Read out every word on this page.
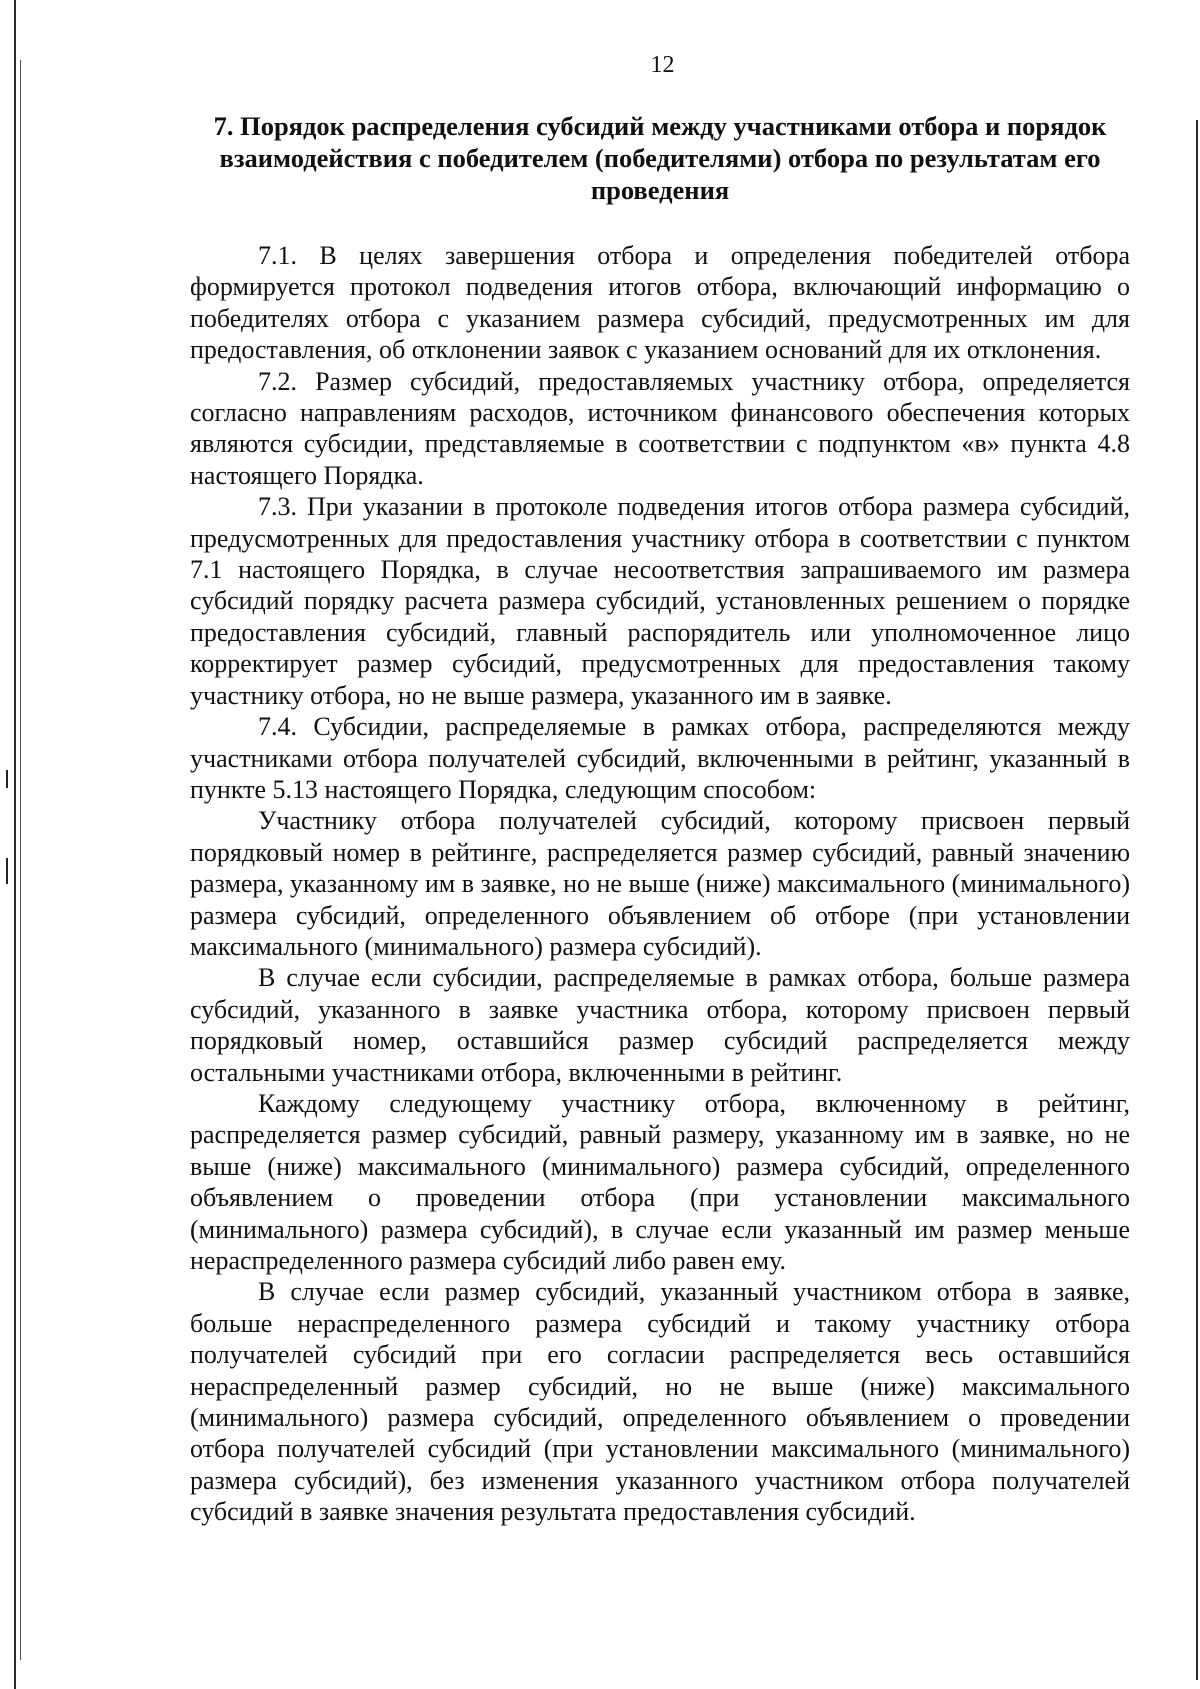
12
7. Порядок распределения субсидий между участниками отбора и порядок взаимодействия с победителем (победителями) отбора по результатам его проведения

7.1. В целях завершения отбора и определения победителей отбора формируется протокол подведения итогов отбора, включающий информацию о победителях отбора с указанием размера субсидий, предусмотренных им для предоставления, об отклонении заявок с указанием оснований для их отклонения.

7.2. Размер субсидий, предоставляемых участнику отбора, определяется согласно направлениям расходов, источником финансового обеспечения которых являются субсидии, представляемые в соответствии с подпунктом «в» пункта 4.8 настоящего Порядка.

7.3. При указании в протоколе подведения итогов отбора размера субсидий, предусмотренных для предоставления участнику отбора в соответствии с пунктом 7.1 настоящего Порядка, в случае несоответствия запрашиваемого им размера субсидий порядку расчета размера субсидий, установленных решением о порядке предоставления субсидий, главный распорядитель или уполномоченное лицо корректирует размер субсидий, предусмотренных для предоставления такому участнику отбора, но не выше размера, указанного им в заявке.

7.4. Субсидии, распределяемые в рамках отбора, распределяются между участниками отбора получателей субсидий, включенными в рейтинг, указанный в пункте 5.13 настоящего Порядка, следующим способом:

Участнику отбора получателей субсидий, которому присвоен первый порядковый номер в рейтинге, распределяется размер субсидий, равный значению размера, указанному им в заявке, но не выше (ниже) максимального (минимального) размера субсидий, определенного объявлением об отборе (при установлении максимального (минимального) размера субсидий).

В случае если субсидии, распределяемые в рамках отбора, больше размера субсидий, указанного в заявке участника отбора, которому присвоен первый порядковый номер, оставшийся размер субсидий распределяется между остальными участниками отбора, включенными в рейтинг.

Каждому следующему участнику отбора, включенному в рейтинг, распределяется размер субсидий, равный размеру, указанному им в заявке, но не выше (ниже) максимального (минимального) размера субсидий, определенного объявлением о проведении отбора (при установлении максимального (минимального) размера субсидий), в случае если указанный им размер меньше нераспределенного размера субсидий либо равен ему.

В случае если размер субсидий, указанный участником отбора в заявке, больше нераспределенного размера субсидий и такому участнику отбора получателей субсидий при его согласии распределяется весь оставшийся нераспределенный размер субсидий, но не выше (ниже) максимального (минимального) размера субсидий, определенного объявлением о проведении отбора получателей субсидий (при установлении максимального (минимального) размера субсидий), без изменения указанного участником отбора получателей субсидий в заявке значения результата предоставления субсидий.
